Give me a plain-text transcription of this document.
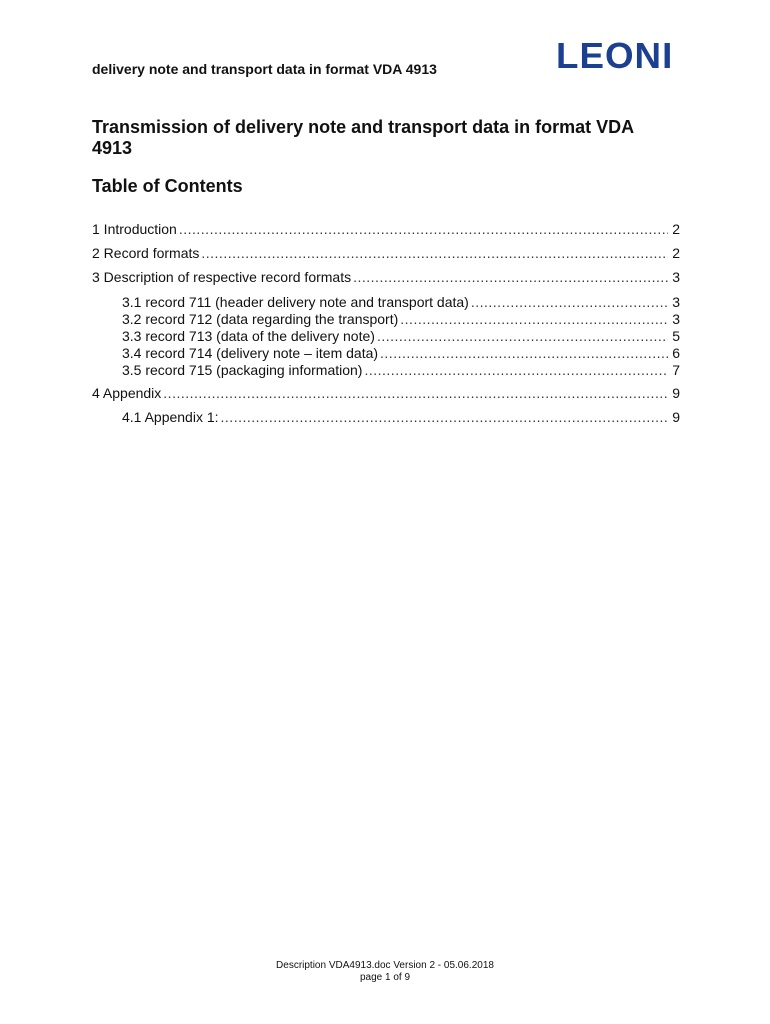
delivery note and transport data in format VDA 4913	LEONI
Transmission of delivery note and transport data in format VDA 4913
Table of Contents
1 Introduction .....	2
2 Record formats .....	2
3 Description of respective record formats .....	3
3.1 record 711 (header delivery note and transport data) .....	3
3.2 record 712 (data regarding the transport) .....	3
3.3 record 713 (data of the delivery note) .....	5
3.4 record 714 (delivery note – item data) .....	6
3.5 record 715 (packaging information) .....	7
4 Appendix .....	9
4.1 Appendix 1: .....	9
Description VDA4913.doc Version 2 - 05.06.2018
page 1 of 9
